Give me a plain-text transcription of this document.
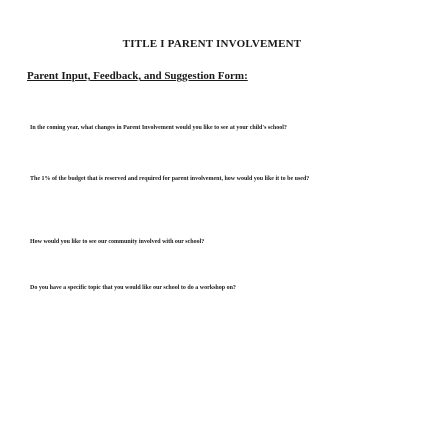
TITLE I PARENT INVOLVEMENT
Parent Input, Feedback, and Suggestion Form:
In the coming year, what changes in Parent Involvement would you like to see at your child's school?
The 1% of the budget that is reserved and required for parent involvement, how would you like it to be used?
How would you like to see our community involved with our school?
Do you have a specific topic that you would like our school to do a workshop on?
